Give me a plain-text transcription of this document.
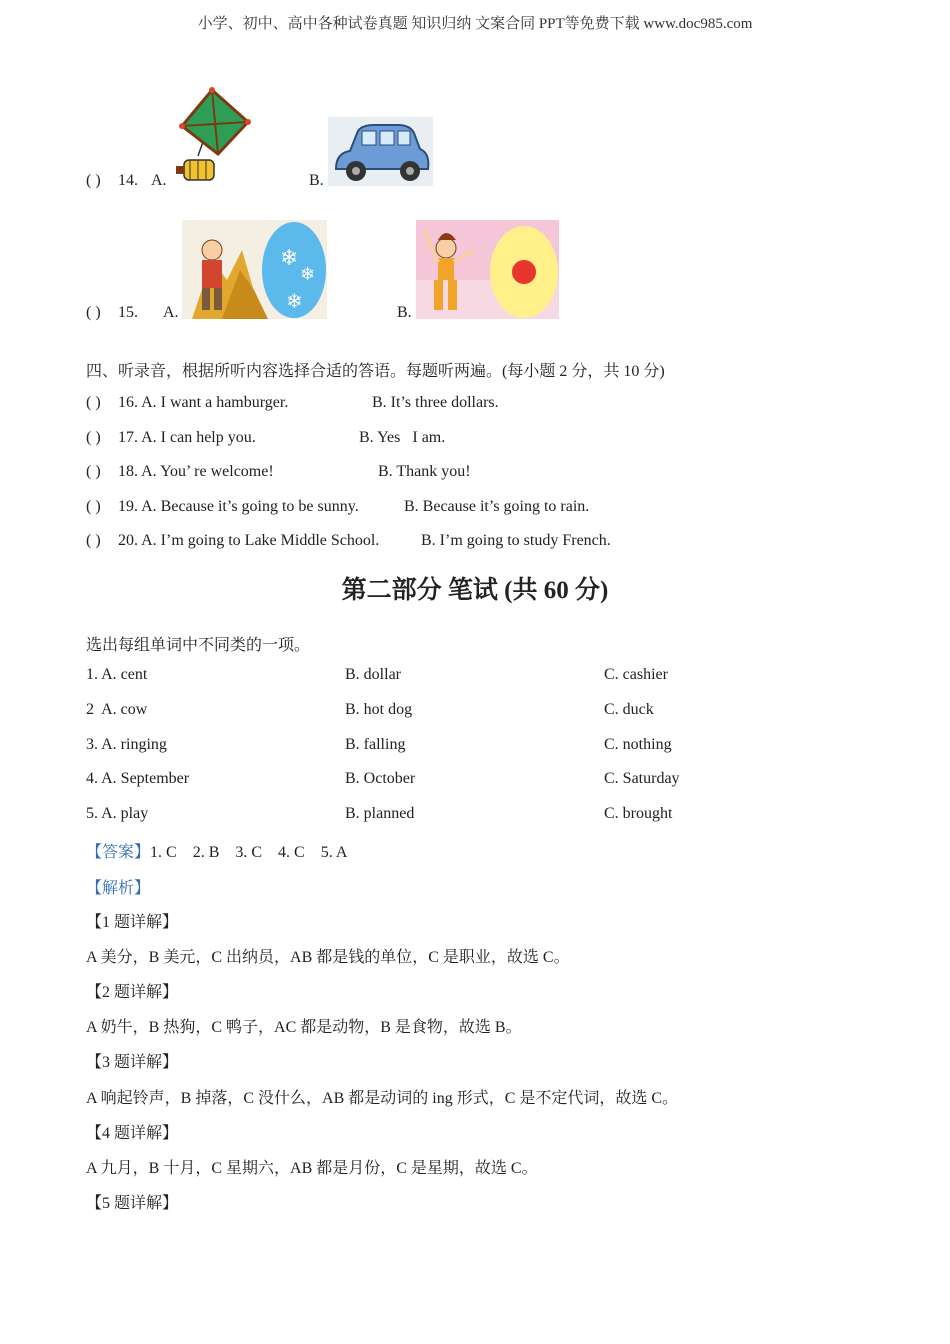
小学、初中、高中各种试卷真题 知识归纳 文案合同 PPT等免费下载 www.doc985.com
( ) 14. A.	B.
( ) 15. A.
❄
❄
❄	B.
四、听录音，根据所听内容选择合适的答语。每题听两遍。(每小题 2 分，共 10 分)
( ) 16. A. I want a hamburger.	B. It’s three dollars.
( ) 17. A. I can help you.	B. Yes   I am.
( ) 18. A. You’ re welcome!	B. Thank you!
( ) 19. A. Because it’s going to be sunny.	B. Because it’s going to rain.
( ) 20. A. I’m going to Lake Middle School.	B. I’m going to study French.
第二部分 笔试 (共 60 分)
选出每组单词中不同类的一项。
1. A. cent	B. dollar	C. cashier
2  A. cow	B. hot dog	C. duck
3. A. ringing	B. falling	C. nothing
4. A. September	B. October	C. Saturday
5. A. play	B. planned	C. brought
【答案】1. C    2. B    3. C    4. C    5. A
【解析】
【1 题详解】
A 美分，B 美元，C 出纳员，AB 都是钱的单位，C 是职业，故选 C。
【2 题详解】
A 奶牛，B 热狗，C 鸭子，AC 都是动物，B 是食物，故选 B。
【3 题详解】
A 响起铃声，B 掉落，C 没什么，AB 都是动词的 ing 形式，C 是不定代词，故选 C。
【4 题详解】
A 九月，B 十月，C 星期六，AB 都是月份，C 是星期，故选 C。
【5 题详解】
